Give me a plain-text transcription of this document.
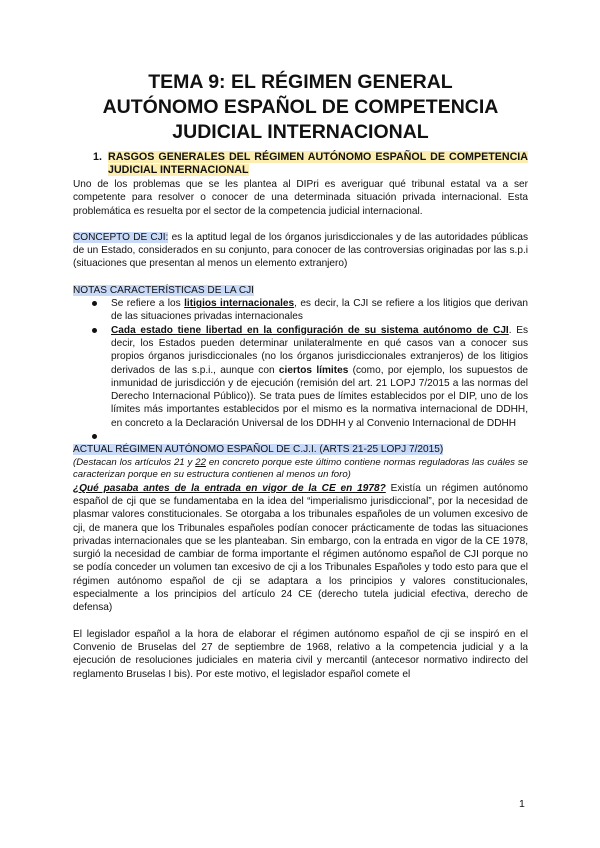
TEMA 9: EL RÉGIMEN GENERAL
AUTÓNOMO ESPAÑOL DE COMPETENCIA
JUDICIAL INTERNACIONAL
1. RASGOS GENERALES DEL RÉGIMEN AUTÓNOMO ESPAÑOL DE COMPETENCIA JUDICIAL INTERNACIONAL

Uno de los problemas que se les plantea al DIPri es averiguar qué tribunal estatal va a ser competente para resolver o conocer de una determinada situación privada internacional. Esta problemática es resuelta por el sector de la competencia judicial internacional.

CONCEPTO DE CJI: es la aptitud legal de los órganos jurisdiccionales y de las autoridades públicas de un Estado, considerados en su conjunto, para conocer de las controversias originadas por las s.p.i (situaciones que presentan al menos un elemento extranjero)

NOTAS CARACTERÍSTICAS DE LA CJI

Se refiere a los litigios internacionales, es decir, la CJI se refiere a los litigios que derivan de las situaciones privadas internacionales
Cada estado tiene libertad en la configuración de su sistema autónomo de CJI. Es decir, los Estados pueden determinar unilateralmente en qué casos van a conocer sus propios órganos jurisdiccionales (no los órganos jurisdiccionales extranjeros) de los litigios derivados de las s.p.i., aunque con ciertos límites (como, por ejemplo, los supuestos de inmunidad de jurisdicción y de ejecución (remisión del art. 21 LOPJ 7/2015 a las normas del Derecho Internacional Público)). Se trata pues de límites establecidos por el DIP, uno de los límites más importantes establecidos por el mismo es la normativa internacional de DDHH, en concreto a la Declaración Universal de los DDHH y al Convenio Internacional de DDHH

ACTUAL RÉGIMEN AUTÓNOMO ESPAÑOL DE C.J.I. (ARTS 21-25 LOPJ 7/2015)

(Destacan los artículos 21 y 22 en concreto porque este último contiene normas reguladoras las cuáles se caracterizan porque en su estructura contienen al menos un foro)

¿Qué pasaba antes de la entrada en vigor de la CE en 1978? Existía un régimen autónomo español de cji que se fundamentaba en la idea del “imperialismo jurisdiccional”, por la necesidad de plasmar valores constitucionales. Se otorgaba a los tribunales españoles de un volumen excesivo de cji, de manera que los Tribunales españoles podían conocer prácticamente de todas las situaciones privadas internacionales que se les planteaban. Sin embargo, con la entrada en vigor de la CE 1978, surgió la necesidad de cambiar de forma importante el régimen autónomo español de CJI porque no se podía conceder un volumen tan excesivo de cji a los Tribunales Españoles y todo esto para que el régimen autónomo español de cji se adaptara a los principios y valores constitucionales, especialmente a los principios del artículo 24 CE (derecho tutela judicial efectiva, derecho de defensa)

El legislador español a la hora de elaborar el régimen autónomo español de cji se inspiró en el Convenio de Bruselas del 27 de septiembre de 1968, relativo a la competencia judicial y a la ejecución de resoluciones judiciales en materia civil y mercantil (antecesor normativo indirecto del reglamento Bruselas I bis). Por este motivo, el legislador español comete el

1
